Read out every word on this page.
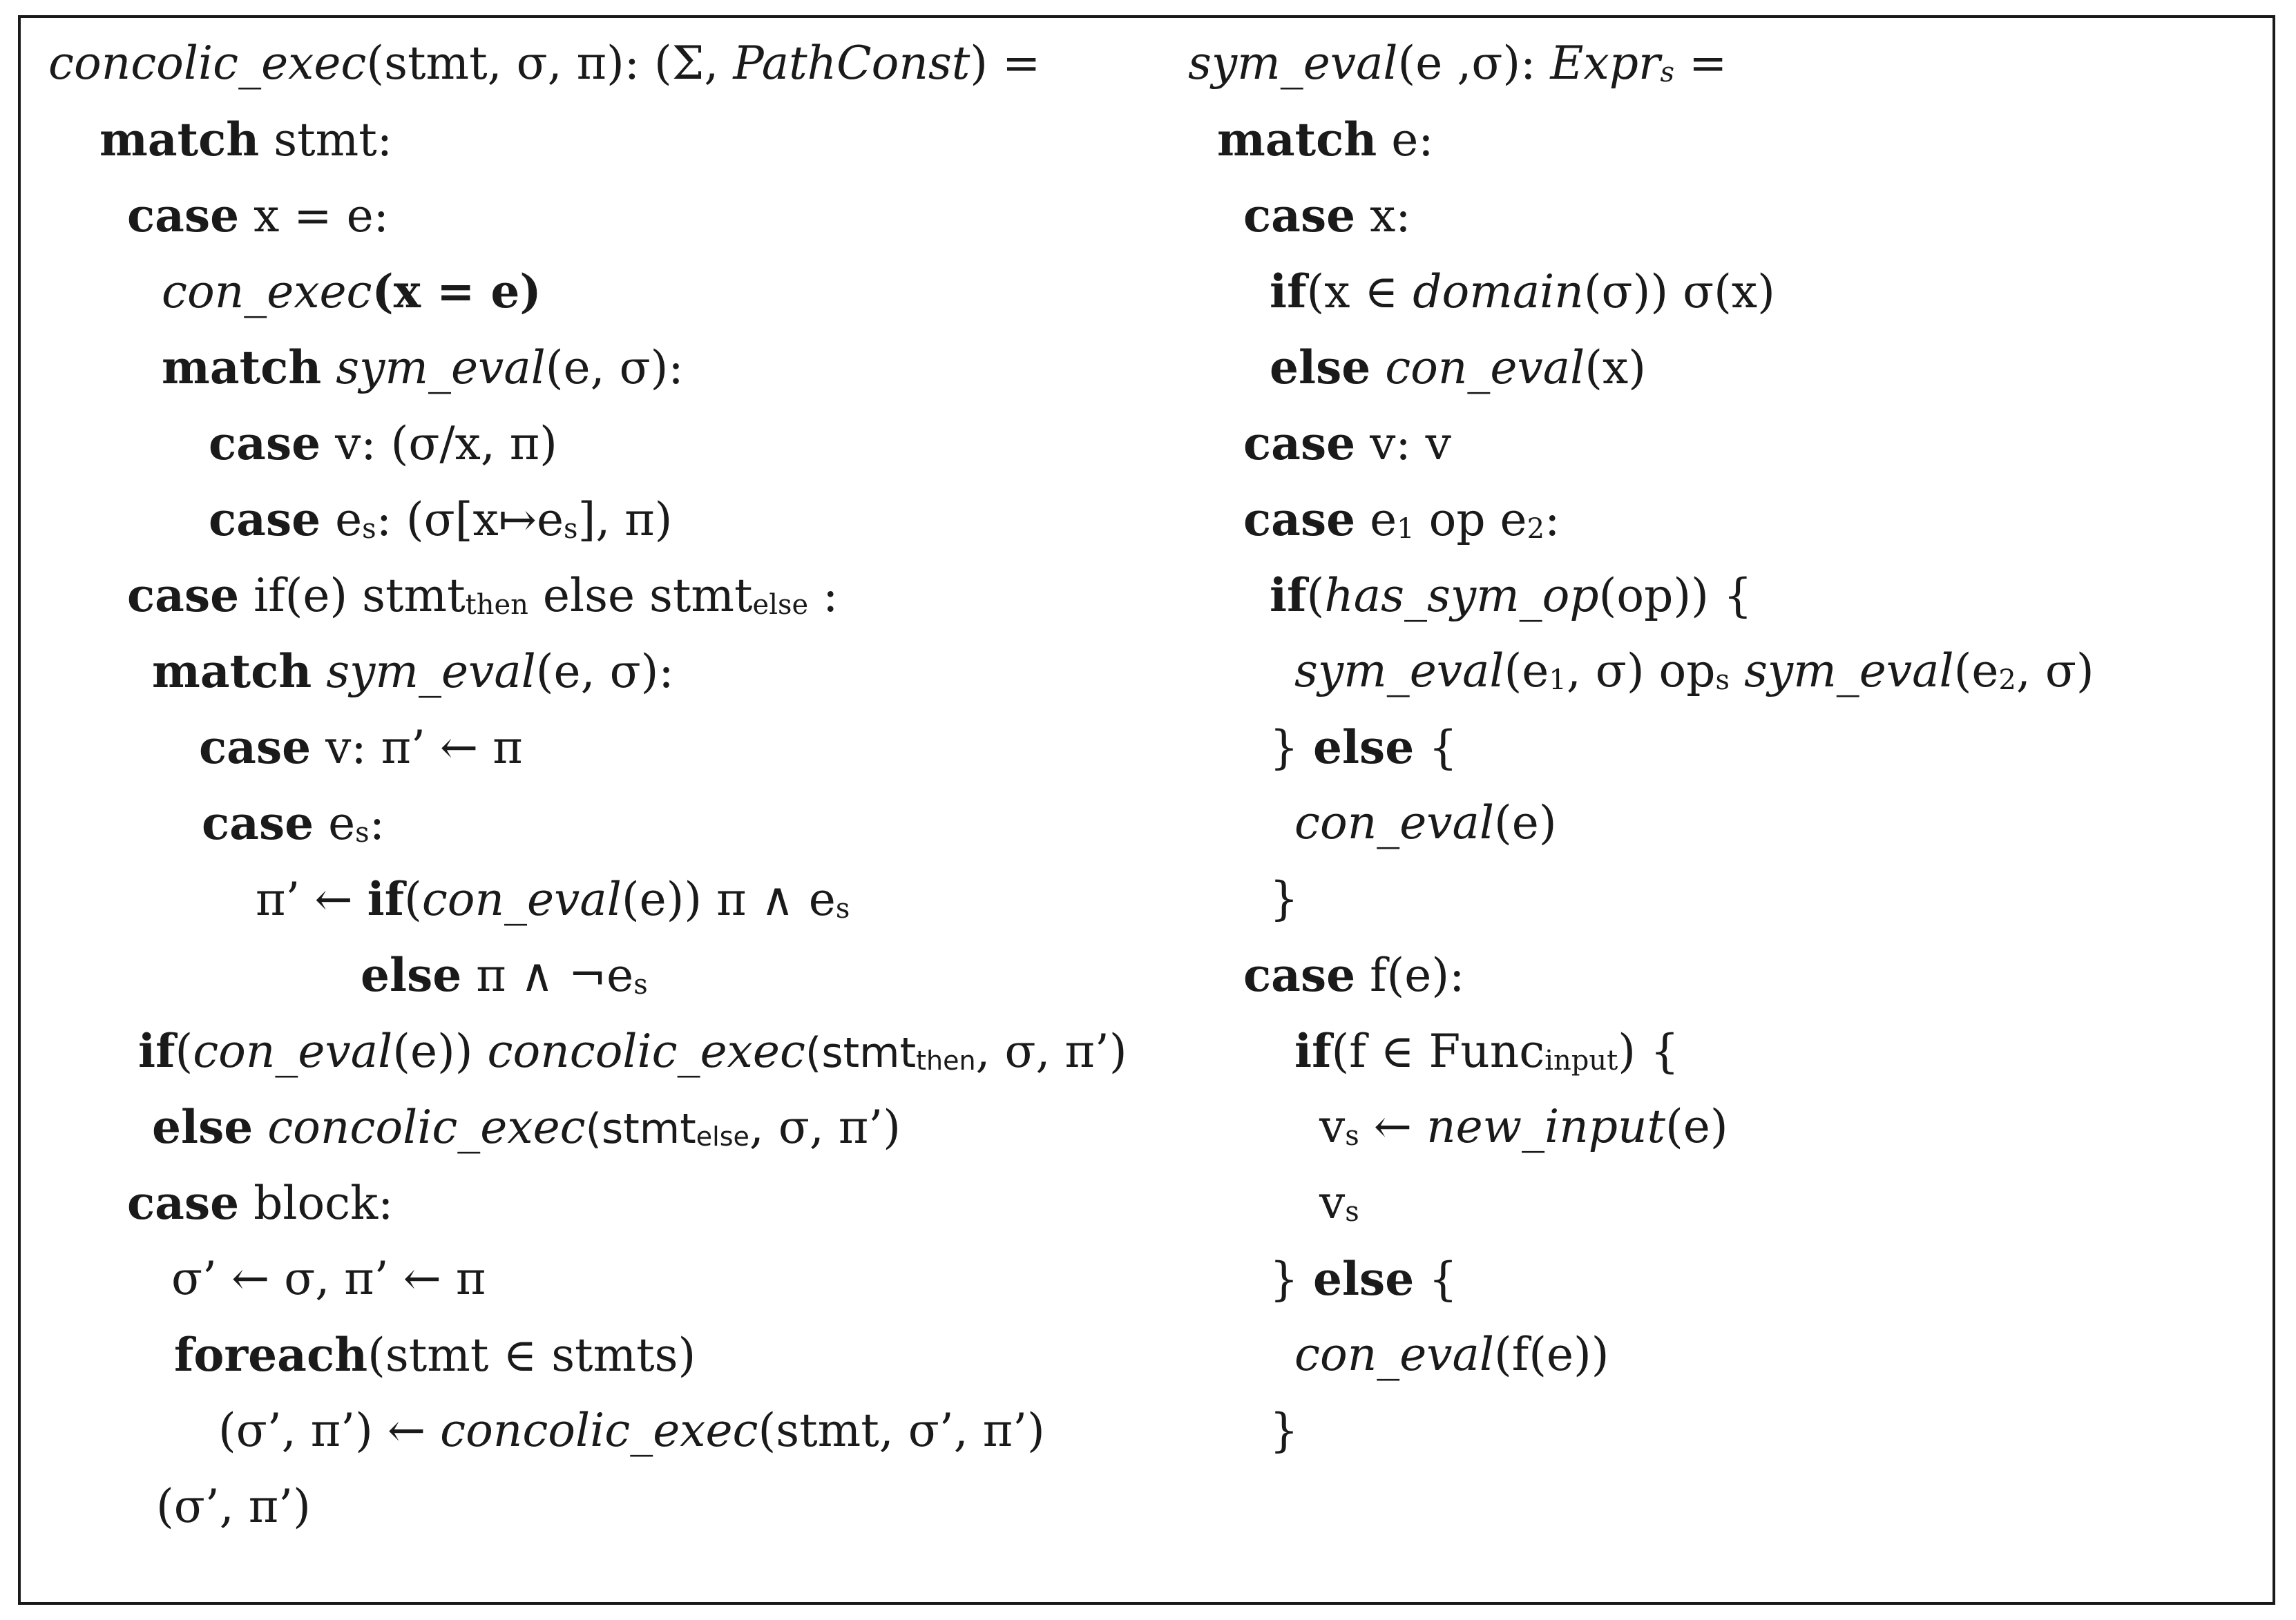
concolic_exec(stmt, σ, π): (Σ, PathConst) =
match stmt:
case x = e:
con_exec(x = e)
match sym_eval(e, σ):
case v: (σ/x, π)
case es: (σ[x↦es], π)
case if(e) stmtthen else stmtelse :
match sym_eval(e, σ):
case v: π’ ← π
case es:
π’ ← if(con_eval(e)) π ∧ es
else π ∧ ¬es
if(con_eval(e)) concolic_exec(stmtthen, σ, π’)
else concolic_exec(stmtelse, σ, π’)
case block:
σ’ ← σ, π’ ← π
foreach(stmt ∈ stmts)
(σ’, π’) ← concolic_exec(stmt, σ’, π’)
(σ’, π’)
sym_eval(e ,σ): Exprs =
match e:
case x:
if(x ∈ domain(σ)) σ(x)
else con_eval(x)
case v: v
case e1 op e2:
if(has_sym_op(op)) {
sym_eval(e1, σ) ops sym_eval(e2, σ)
} else {
con_eval(e)
}
case f(e):
if(f ∈ Funcinput) {
vs ← new_input(e)
vs
} else {
con_eval(f(e))
}
